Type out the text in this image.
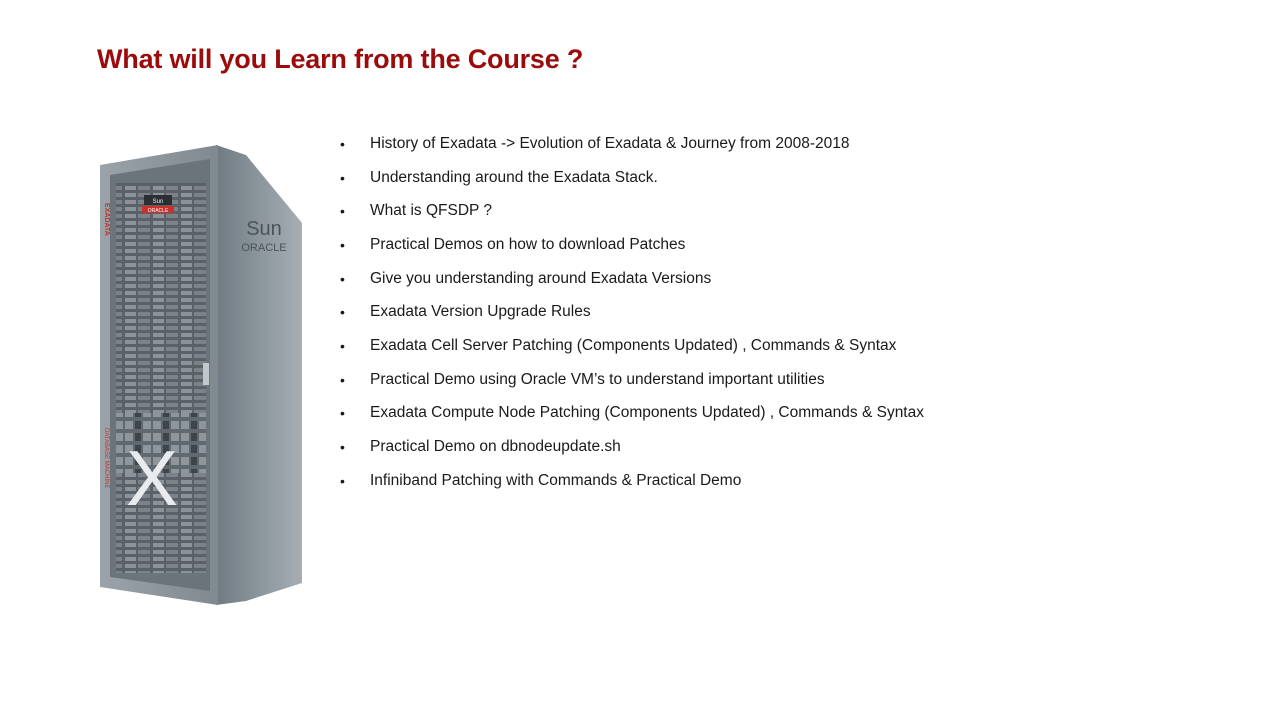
What will you Learn from the Course ?
•	History of Exadata -> Evolution of Exadata & Journey from 2008-2018
•	Understanding around the Exadata Stack.
•	What is QFSDP ?
•	Practical Demos on how to download Patches
•	Give you understanding around Exadata Versions
•	Exadata Version Upgrade Rules
•	Exadata Cell Server Patching (Components Updated) , Commands & Syntax
•	Practical Demo using Oracle VM’s to understand important utilities
•	Exadata Compute Node Patching (Components Updated) , Commands & Syntax
•	Practical Demo on dbnodeupdate.sh
•	Infiniband Patching with Commands & Practical Demo
Sun
ORACLE
EXADATA
DATABASE MACHINE X
Sun
ORACLE
